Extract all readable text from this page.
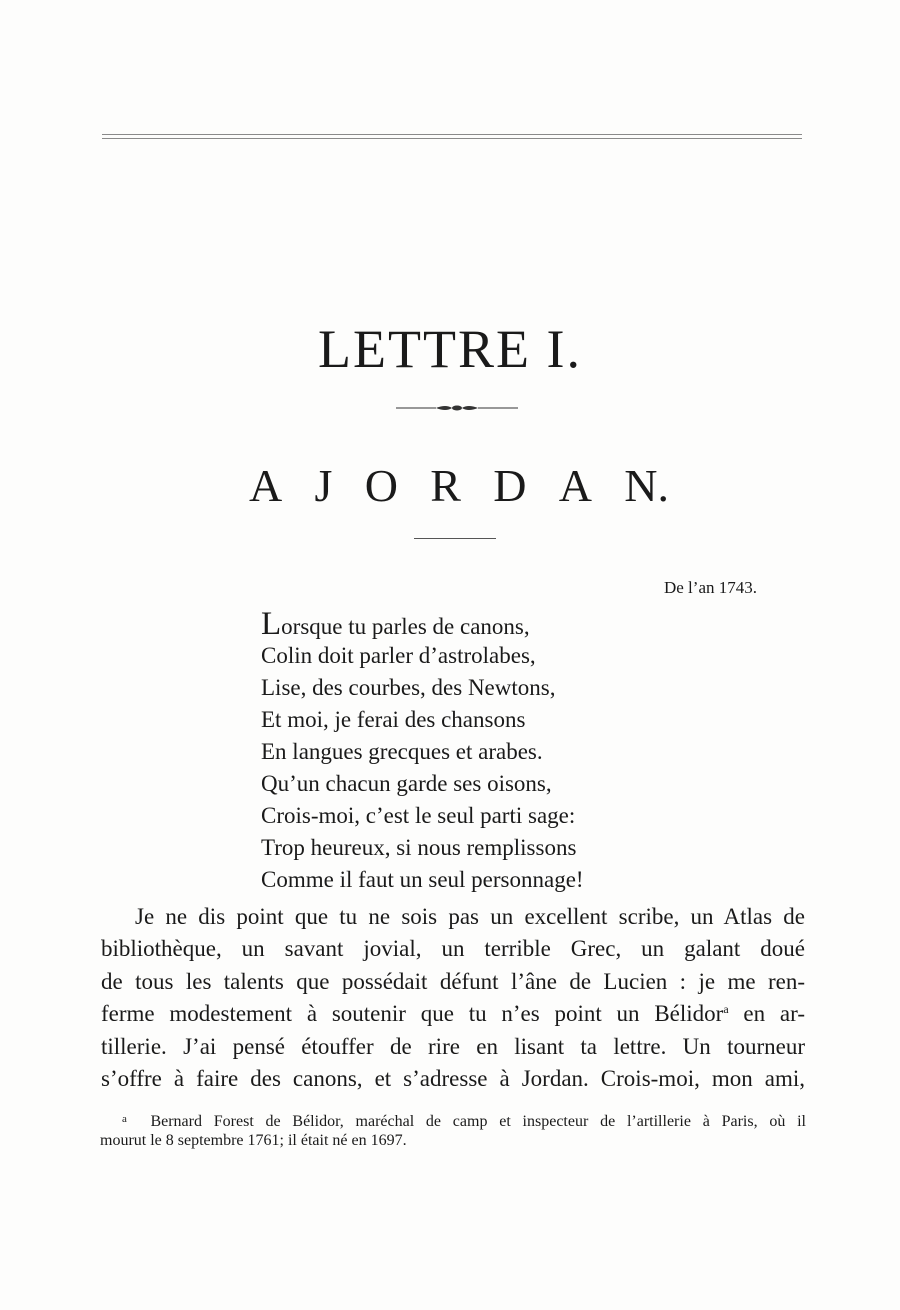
LETTRE I.
A J O R D A N.
De l’an 1743.
Lorsque tu parles de canons,
Colin doit parler d’astrolabes,
Lise, des courbes, des Newtons,
Et moi, je ferai des chansons
En langues grecques et arabes.
Qu’un chacun garde ses oisons,
Crois-moi, c’est le seul parti sage:
Trop heureux, si nous remplissons
Comme il faut un seul personnage!
Je ne dis point que tu ne sois pas un excellent scribe, un Atlas de
bibliothèque, un savant jovial, un terrible Grec, un galant doué
de tous les talents que possédait défunt l’âne de Lucien : je me ren-
ferme modestement à soutenir que tu n’es point un Bélidor$^a$ en ar-
tillerie. J’ai pensé étouffer de rire en lisant ta lettre. Un tourneur
s’offre à faire des canons, et s’adresse à Jordan. Crois-moi, mon ami,
$^a$ Bernard Forest de Bélidor, maréchal de camp et inspecteur de l’artillerie à Paris, où il
mourut le 8 septembre 1761; il était né en 1697.
